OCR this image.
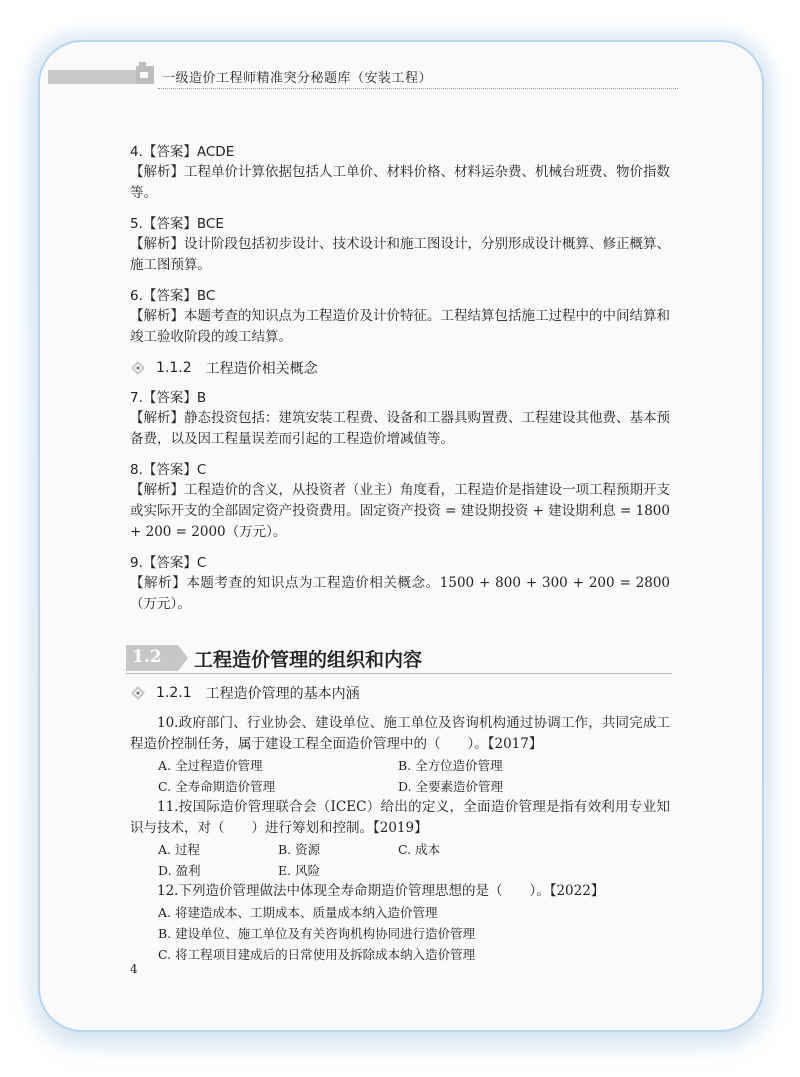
一级造价工程师精准突分秘题库（安装工程）
4.【答案】ACDE

【解析】工程单价计算依据包括人工单价、材料价格、材料运杂费、机械台班费、物价指数等。

5.【答案】BCE

【解析】设计阶段包括初步设计、技术设计和施工图设计，分别形成设计概算、修正概算、施工图预算。

6.【答案】BC

【解析】本题考查的知识点为工程造价及计价特征。工程结算包括施工过程中的中间结算和竣工验收阶段的竣工结算。

1.1.2 工程造价相关概念
7.【答案】B

【解析】静态投资包括：建筑安装工程费、设备和工器具购置费、工程建设其他费、基本预备费，以及因工程量误差而引起的工程造价增减值等。

8.【答案】C

【解析】工程造价的含义，从投资者（业主）角度看，工程造价是指建设一项工程预期开支或实际开支的全部固定资产投资费用。固定资产投资 = 建设期投资 + 建设期利息 = 1800 + 200 = 2000（万元）。

9.【答案】C

【解析】本题考查的知识点为工程造价相关概念。1500 + 800 + 300 + 200 = 2800（万元）。

1.2 工程造价管理的组织和内容
1.2.1 工程造价管理的基本内涵

10.政府部门、行业协会、建设单位、施工单位及咨询机构通过协调工作，共同完成工程造价控制任务，属于建设工程全面造价管理中的（　　）。【2017】

A. 全过程造价管理	B. 全方位造价管理
C. 全寿命期造价管理	D. 全要素造价管理

11.按国际造价管理联合会（ICEC）给出的定义，全面造价管理是指有效利用专业知识与技术，对（　　）进行筹划和控制。【2019】

A. 过程	B. 资源	C. 成本
D. 盈利	E. 风险

12.下列造价管理做法中体现全寿命期造价管理思想的是（　　）。【2022】

A. 将建造成本、工期成本、质量成本纳入造价管理
B. 建设单位、施工单位及有关咨询机构协同进行造价管理
C. 将工程项目建成后的日常使用及拆除成本纳入造价管理
4
